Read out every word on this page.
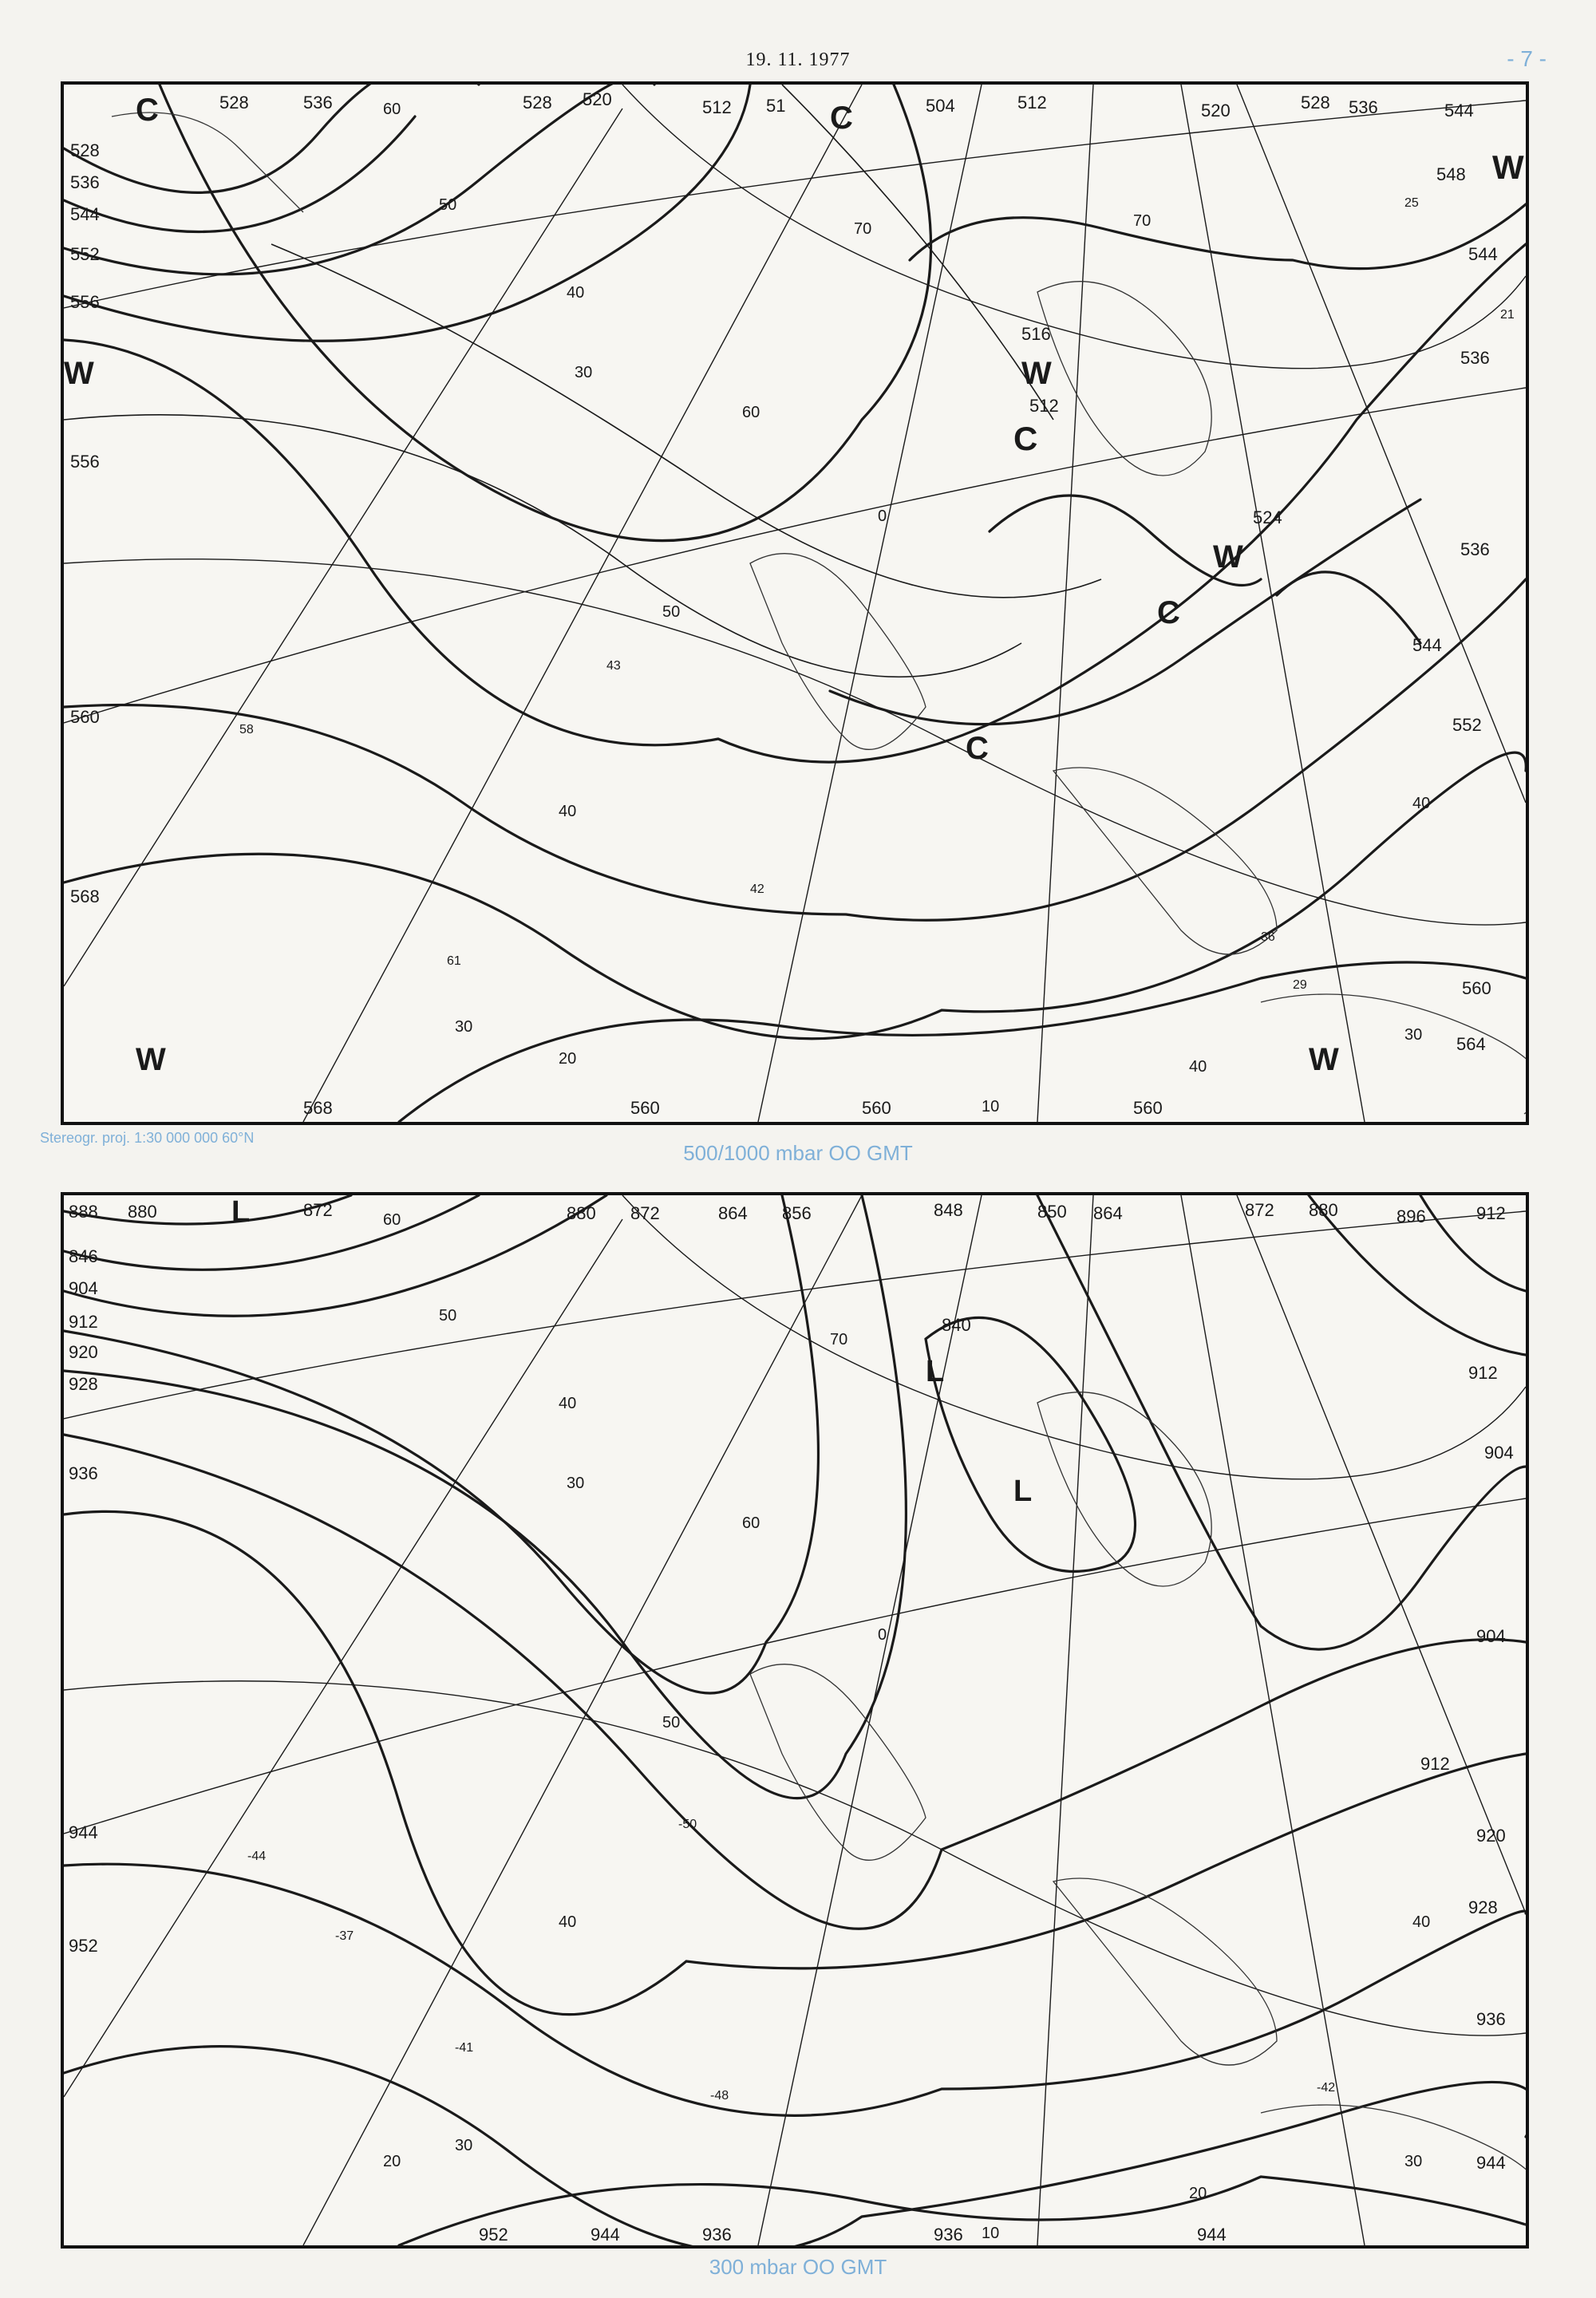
19. 11. 1977	- 7 -
C	C
W
C
W
C
C
W
W
W	W
528	536	528 520	512 51	504	512	520	528 536	544
548
544
536
536
544
552
560
568
560
560
564
560
556
556
552
544
536
528
516
512
524
560
568
60
50
40
30
70
60
50
40
30
40
10
0
70
40
30
20
58
61
43
42
36
29
25
21
Stereogr. proj. 1:30 000 000 60°N
500/1000 mbar OO GMT
L
L
L
888 880	872	880 872	864 856	848	850 864	872 880	896	912
846
904
912
920
928
936
944
952
952	944	936	936	944
840
912
904
904
912
920
928
936
944
60
50
40
30
70
60
50
40
30
20
10
0
40
30
20
-44
-37
-50
-41
-48
-42
300 mbar OO GMT
